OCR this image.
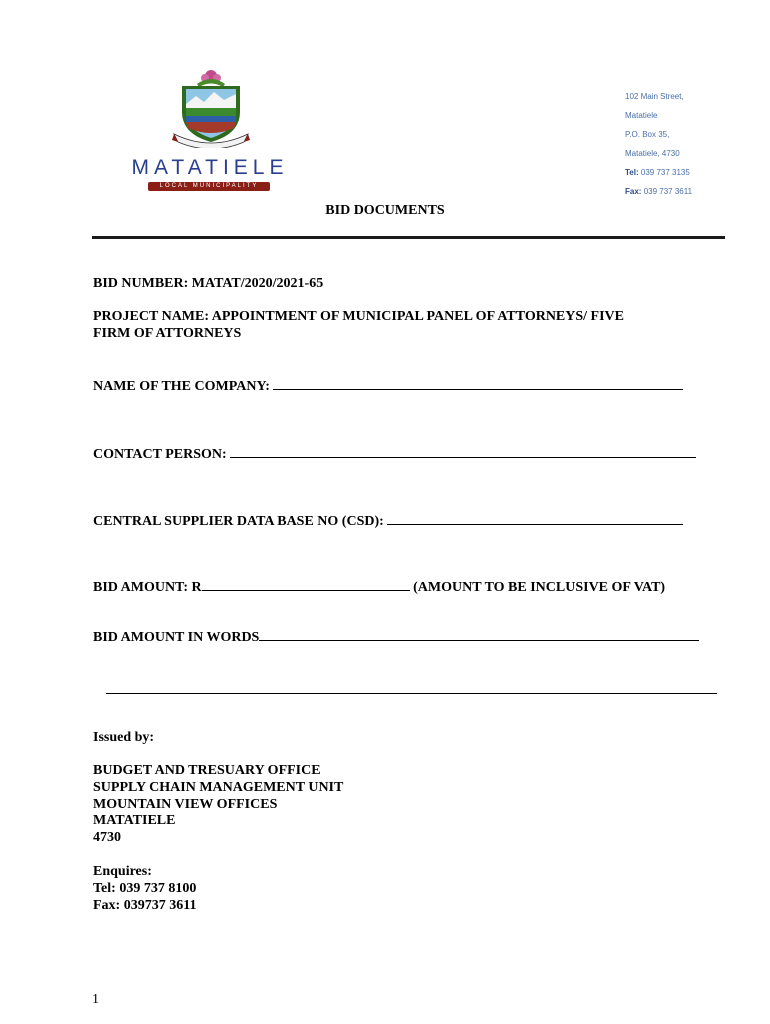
MATATIELE
LOCAL MUNICIPALITY
102 Main Street,
Matatiele
P.O. Box 35,
Matatiele, 4730
Tel: 039 737 3135
Fax: 039 737 3611
BID DOCUMENTS
BID NUMBER: MATAT/2020/2021-65
PROJECT NAME: APPOINTMENT OF MUNICIPAL PANEL OF ATTORNEYS/ FIVE
FIRM OF ATTORNEYS
NAME OF THE COMPANY:
CONTACT PERSON:
CENTRAL SUPPLIER DATA BASE NO (CSD):
BID AMOUNT: R	(AMOUNT TO BE INCLUSIVE OF VAT)
BID AMOUNT IN WORDS
Issued by:
BUDGET AND TRESUARY OFFICE
SUPPLY CHAIN MANAGEMENT UNIT
MOUNTAIN VIEW OFFICES
MATATIELE
4730
Enquires:
Tel: 039 737 8100
Fax: 039737 3611
1
